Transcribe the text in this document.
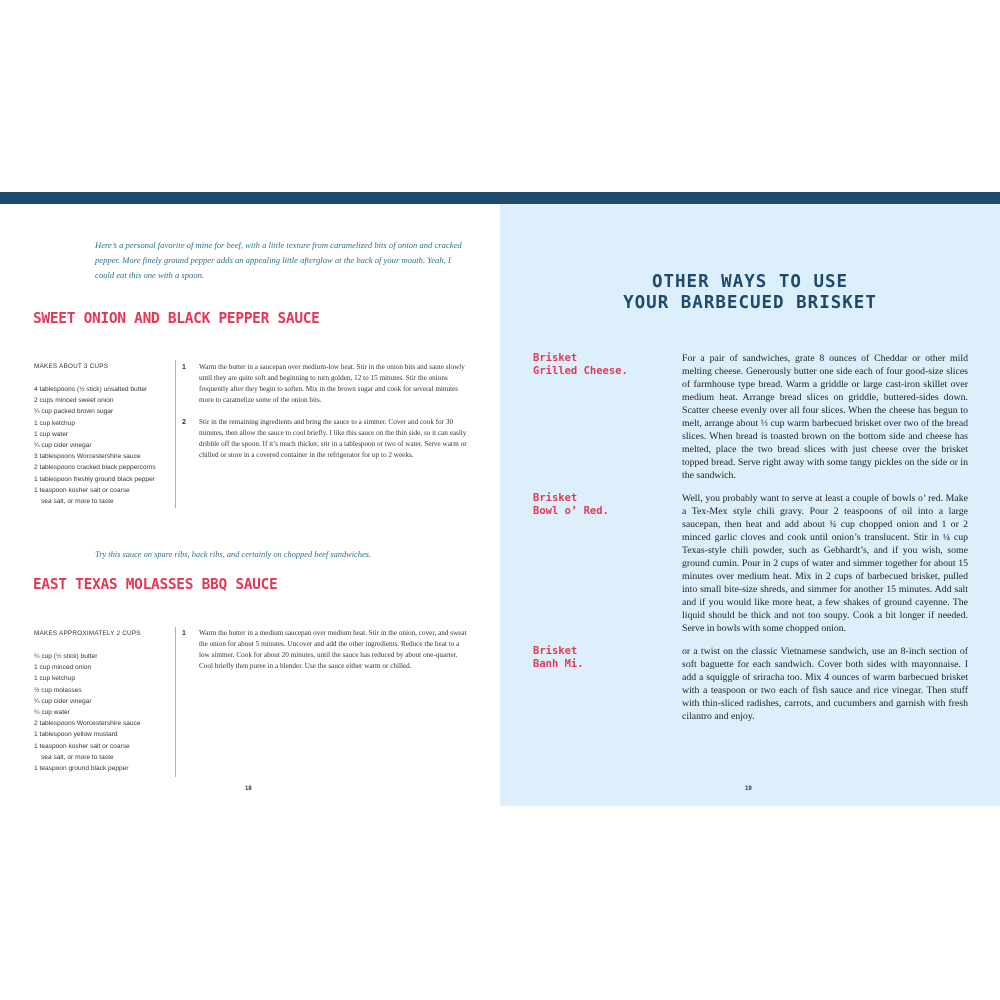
Here’s a personal favorite of mine for beef, with a little texture from caramelized bits of onion and cracked pepper. More finely ground pepper adds an appealing little afterglow at the back of your mouth. Yeah, I could eat this one with a spoon.
SWEET ONION AND BLACK PEPPER SAUCE
MAKES ABOUT 3 CUPS
4 tablespoons (½ stick) unsalted butter
2 cups minced sweet onion
¼ cup packed brown sugar
1 cup ketchup
1 cup water
¼ cup cider vinegar
3 tablespoons Worcestershire sauce
2 tablespoons cracked black peppercorns
1 tablespoon freshly ground black pepper
1 teaspoon kosher salt or coarse
sea salt, or more to taste
1 Warm the butter in a saucepan over medium-low heat. Stir in the onion bits and saute slowly until they are quite soft and beginning to turn golden, 12 to 15 minutes. Stir the onions frequently after they begin to soften. Mix in the brown sugar and cook for several minutes more to caramelize some of the onion bits.
2 Stir in the remaining ingredients and bring the sauce to a simmer. Cover and cook for 30 minutes, then allow the sauce to cool briefly. I like this sauce on the thin side, so it can easily dribble off the spoon. If it’s much thicker, stir in a tablespoon or two of water. Serve warm or chilled or store in a covered container in the refrigerator for up to 2 weeks.
Try this sauce on spare ribs, back ribs, and certainly on chopped beef sandwiches.
EAST TEXAS MOLASSES BBQ SAUCE
MAKES APPROXIMATELY 2 CUPS
¼ cup (½ stick) butter
1 cup minced onion
1 cup ketchup
½ cup molasses
¼ cup cider vinegar
¼ cup water
2 tablespoons Worcestershire sauce
1 tablespoon yellow mustard
1 teaspoon kosher salt or coarse
sea salt, or more to taste
1 teaspoon ground black pepper
1 Warm the butter in a medium saucepan over medium heat. Stir in the onion, cover, and sweat the onion for about 5 minutes. Uncover and add the other ingredients. Reduce the heat to a low simmer. Cook for about 20 minutes, until the sauce has reduced by about one-quarter. Cool briefly then puree in a blender. Use the sauce either warm or chilled.
18
OTHER WAYS TO USE
YOUR BARBECUED BRISKET
Brisket
Grilled Cheese.
For a pair of sandwiches, grate 8 ounces of Cheddar or other mild melting cheese. Generously butter one side each of four good-size slices of farmhouse type bread. Warm a griddle or large cast-iron skillet over medium heat. Arrange bread slices on griddle, buttered-sides down. Scatter cheese evenly over all four slices. When the cheese has begun to melt, arrange about ⅓ cup warm barbecued brisket over two of the bread slices. When bread is toasted brown on the bottom side and cheese has melted, place the two bread slices with just cheese over the brisket topped bread. Serve right away with some tangy pickles on the side or in the sandwich.
Brisket
Bowl o’ Red.
Well, you probably want to serve at least a couple of bowls o’ red. Make a Tex-Mex style chili gravy. Pour 2 teaspoons of oil into a large saucepan, then heat and add about ¾ cup chopped onion and 1 or 2 minced garlic cloves and cook until onion’s translucent. Stir in ¼ cup Texas-style chili powder, such as Gebhardt’s, and if you wish, some ground cumin. Pour in 2 cups of water and simmer together for about 15 minutes over medium heat. Mix in 2 cups of barbecued brisket, pulled into small bite-size shreds, and simmer for another 15 minutes. Add salt and if you would like more heat, a few shakes of ground cayenne. The liquid should be thick and not too soupy. Cook a bit longer if needed. Serve in bowls with some chopped onion.
Brisket
Banh Mi.
or a twist on the classic Vietnamese sandwich, use an 8-inch section of soft baguette for each sandwich. Cover both sides with mayonnaise. I add a squiggle of sriracha too. Mix 4 ounces of warm barbecued brisket with a teaspoon or two each of fish sauce and rice vinegar. Then stuff with thin-sliced radishes, carrots, and cucumbers and garnish with fresh cilantro and enjoy.
19
